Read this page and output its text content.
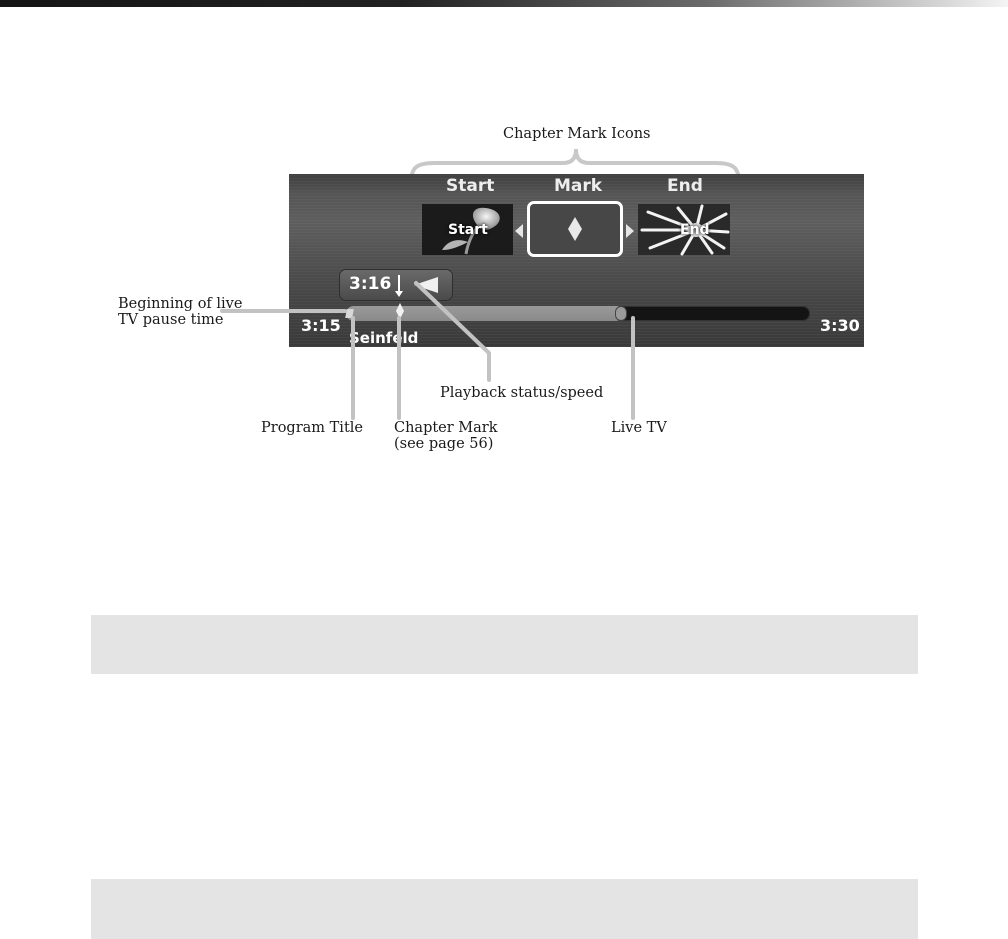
Chapter Mark Icons
Beginning of live
TV pause time
Start	Mark	End
Start	End
3:16
3:15	3:30
Seinfeld
Playback status/speed
Program Title Chapter Mark
(see page 56)
Live TV
